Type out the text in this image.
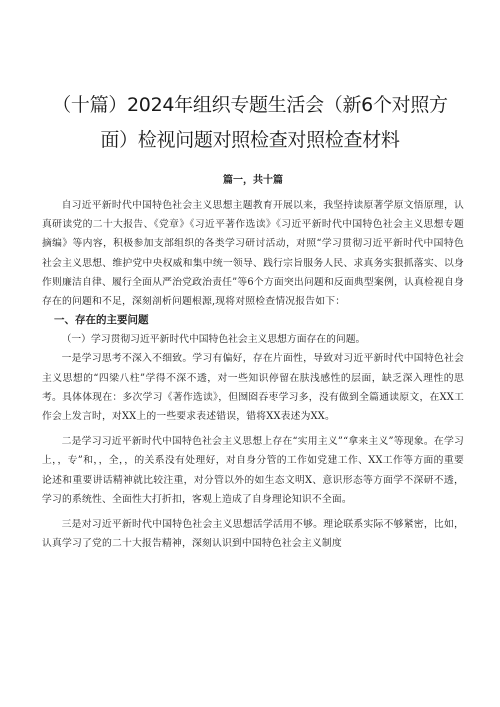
（十篇）2024年组织专题生活会（新6个对照方
面）检视问题对照检查对照检查材料
篇一，共十篇

自习近平新时代中国特色社会主义思想主题教育开展以来，我坚持读原著学原文悟原理，认真研读党的二十大报告、《党章》《习近平著作选读》《习近平新时代中国特色社会主义思想专题摘编》等内容，积极参加支部组织的各类学习研讨活动，对照“学习贯彻习近平新时代中国特色社会主义思想、维护党中央权威和集中统一领导、践行宗旨服务人民、求真务实狠抓落实、以身作则廉洁自律、履行全面从严治党政治责任”等6个方面突出问题和反面典型案例，认真检视自身存在的问题和不足，深刻剖析问题根源,现将对照检查情况报告如下：

一、存在的主要问题
（一）学习贯彻习近平新时代中国特色社会主义思想方面存在的问题。

一是学习思考不深入不细致。学习有偏好，存在片面性，导致对习近平新时代中国特色社会主义思想的“四梁八柱”学得不深不透，对一些知识停留在肤浅感性的层面，缺乏深入理性的思考。具体体现在：多次学习《著作选读》，但囫囵吞枣学习多，没有做到全篇通读原文，在XX工作会上发言时，对XX上的一些要求表述错误，错将XX表述为XX。

二是学习习近平新时代中国特色社会主义思想上存在“实用主义”“拿来主义”等现象。在学习上，，专”和，，全，，的关系没有处理好，对自身分管的工作如党建工作、XX工作等方面的重要论述和重要讲话精神就比较注重，对分管以外的如生态文明X、意识形态等方面学不深研不透，学习的系统性、全面性大打折扣，客观上造成了自身理论知识不全面。

三是对习近平新时代中国特色社会主义思想活学活用不够。理论联系实际不够紧密，比如，认真学习了党的二十大报告精神，深刻认识到中国特色社会主义制度
